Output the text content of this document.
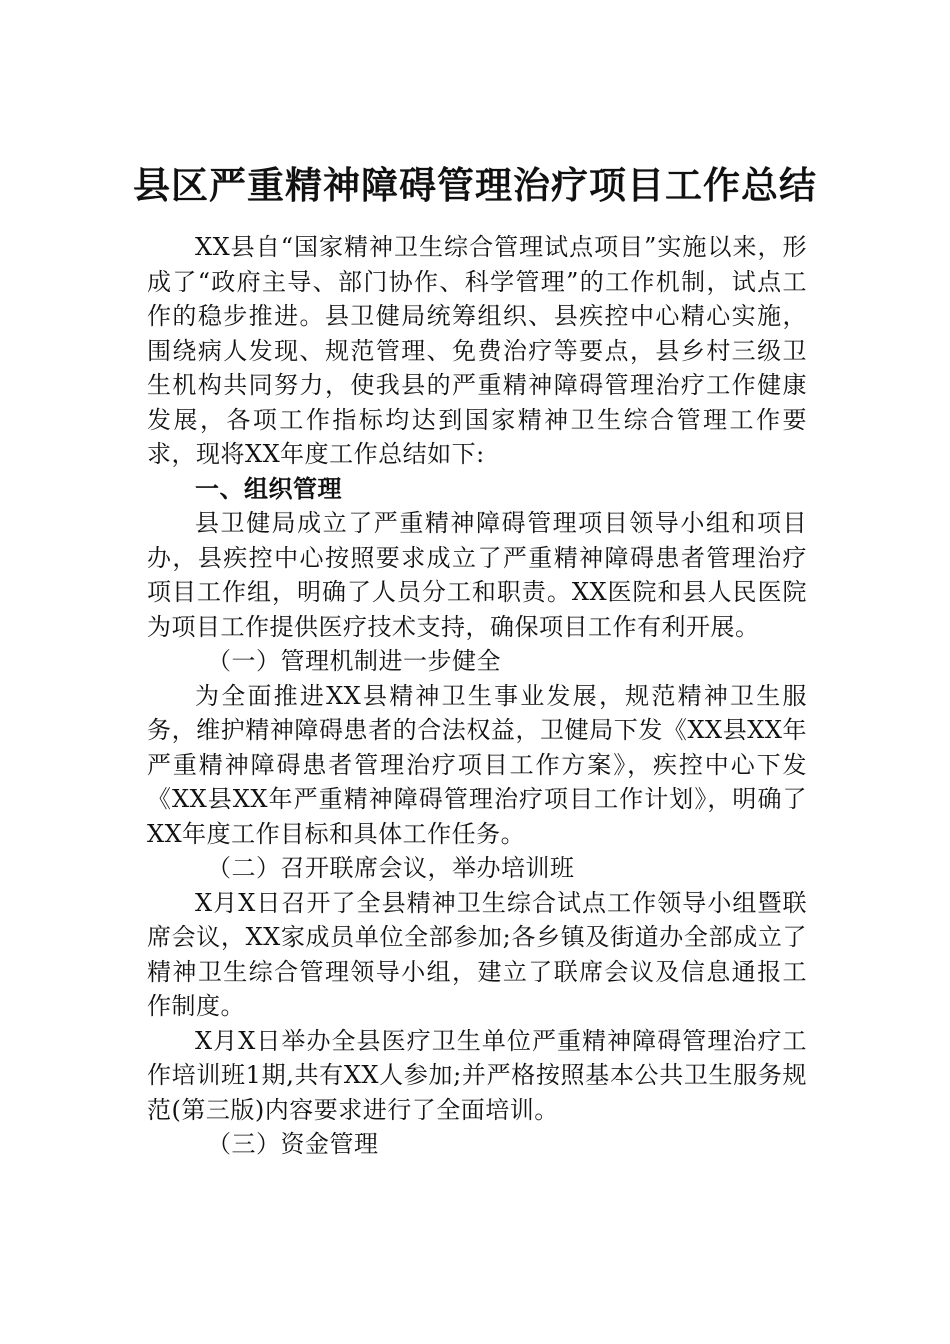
县区严重精神障碍管理治疗项目工作总结

XX县自“国家精神卫生综合管理试点项目”实施以来，形成了“政府主导、部门协作、科学管理”的工作机制，试点工作的稳步推进。县卫健局统筹组织、县疾控中心精心实施，围绕病人发现、规范管理、免费治疗等要点，县乡村三级卫生机构共同努力，使我县的严重精神障碍管理治疗工作健康发展，各项工作指标均达到国家精神卫生综合管理工作要求，现将XX年度工作总结如下:

一、组织管理

县卫健局成立了严重精神障碍管理项目领导小组和项目办，县疾控中心按照要求成立了严重精神障碍患者管理治疗项目工作组，明确了人员分工和职责。XX医院和县人民医院为项目工作提供医疗技术支持，确保项目工作有利开展。

（一）管理机制进一步健全

为全面推进XX县精神卫生事业发展，规范精神卫生服务，维护精神障碍患者的合法权益，卫健局下发《XX县XX年严重精神障碍患者管理治疗项目工作方案》，疾控中心下发《XX县XX年严重精神障碍管理治疗项目工作计划》，明确了XX年度工作目标和具体工作任务。

（二）召开联席会议，举办培训班

X月X日召开了全县精神卫生综合试点工作领导小组暨联席会议，XX家成员单位全部参加;各乡镇及街道办全部成立了精神卫生综合管理领导小组，建立了联席会议及信息通报工作制度。

X月X日举办全县医疗卫生单位严重精神障碍管理治疗工作培训班1期,共有XX人参加;并严格按照基本公共卫生服务规范(第三版)内容要求进行了全面培训。

（三）资金管理
